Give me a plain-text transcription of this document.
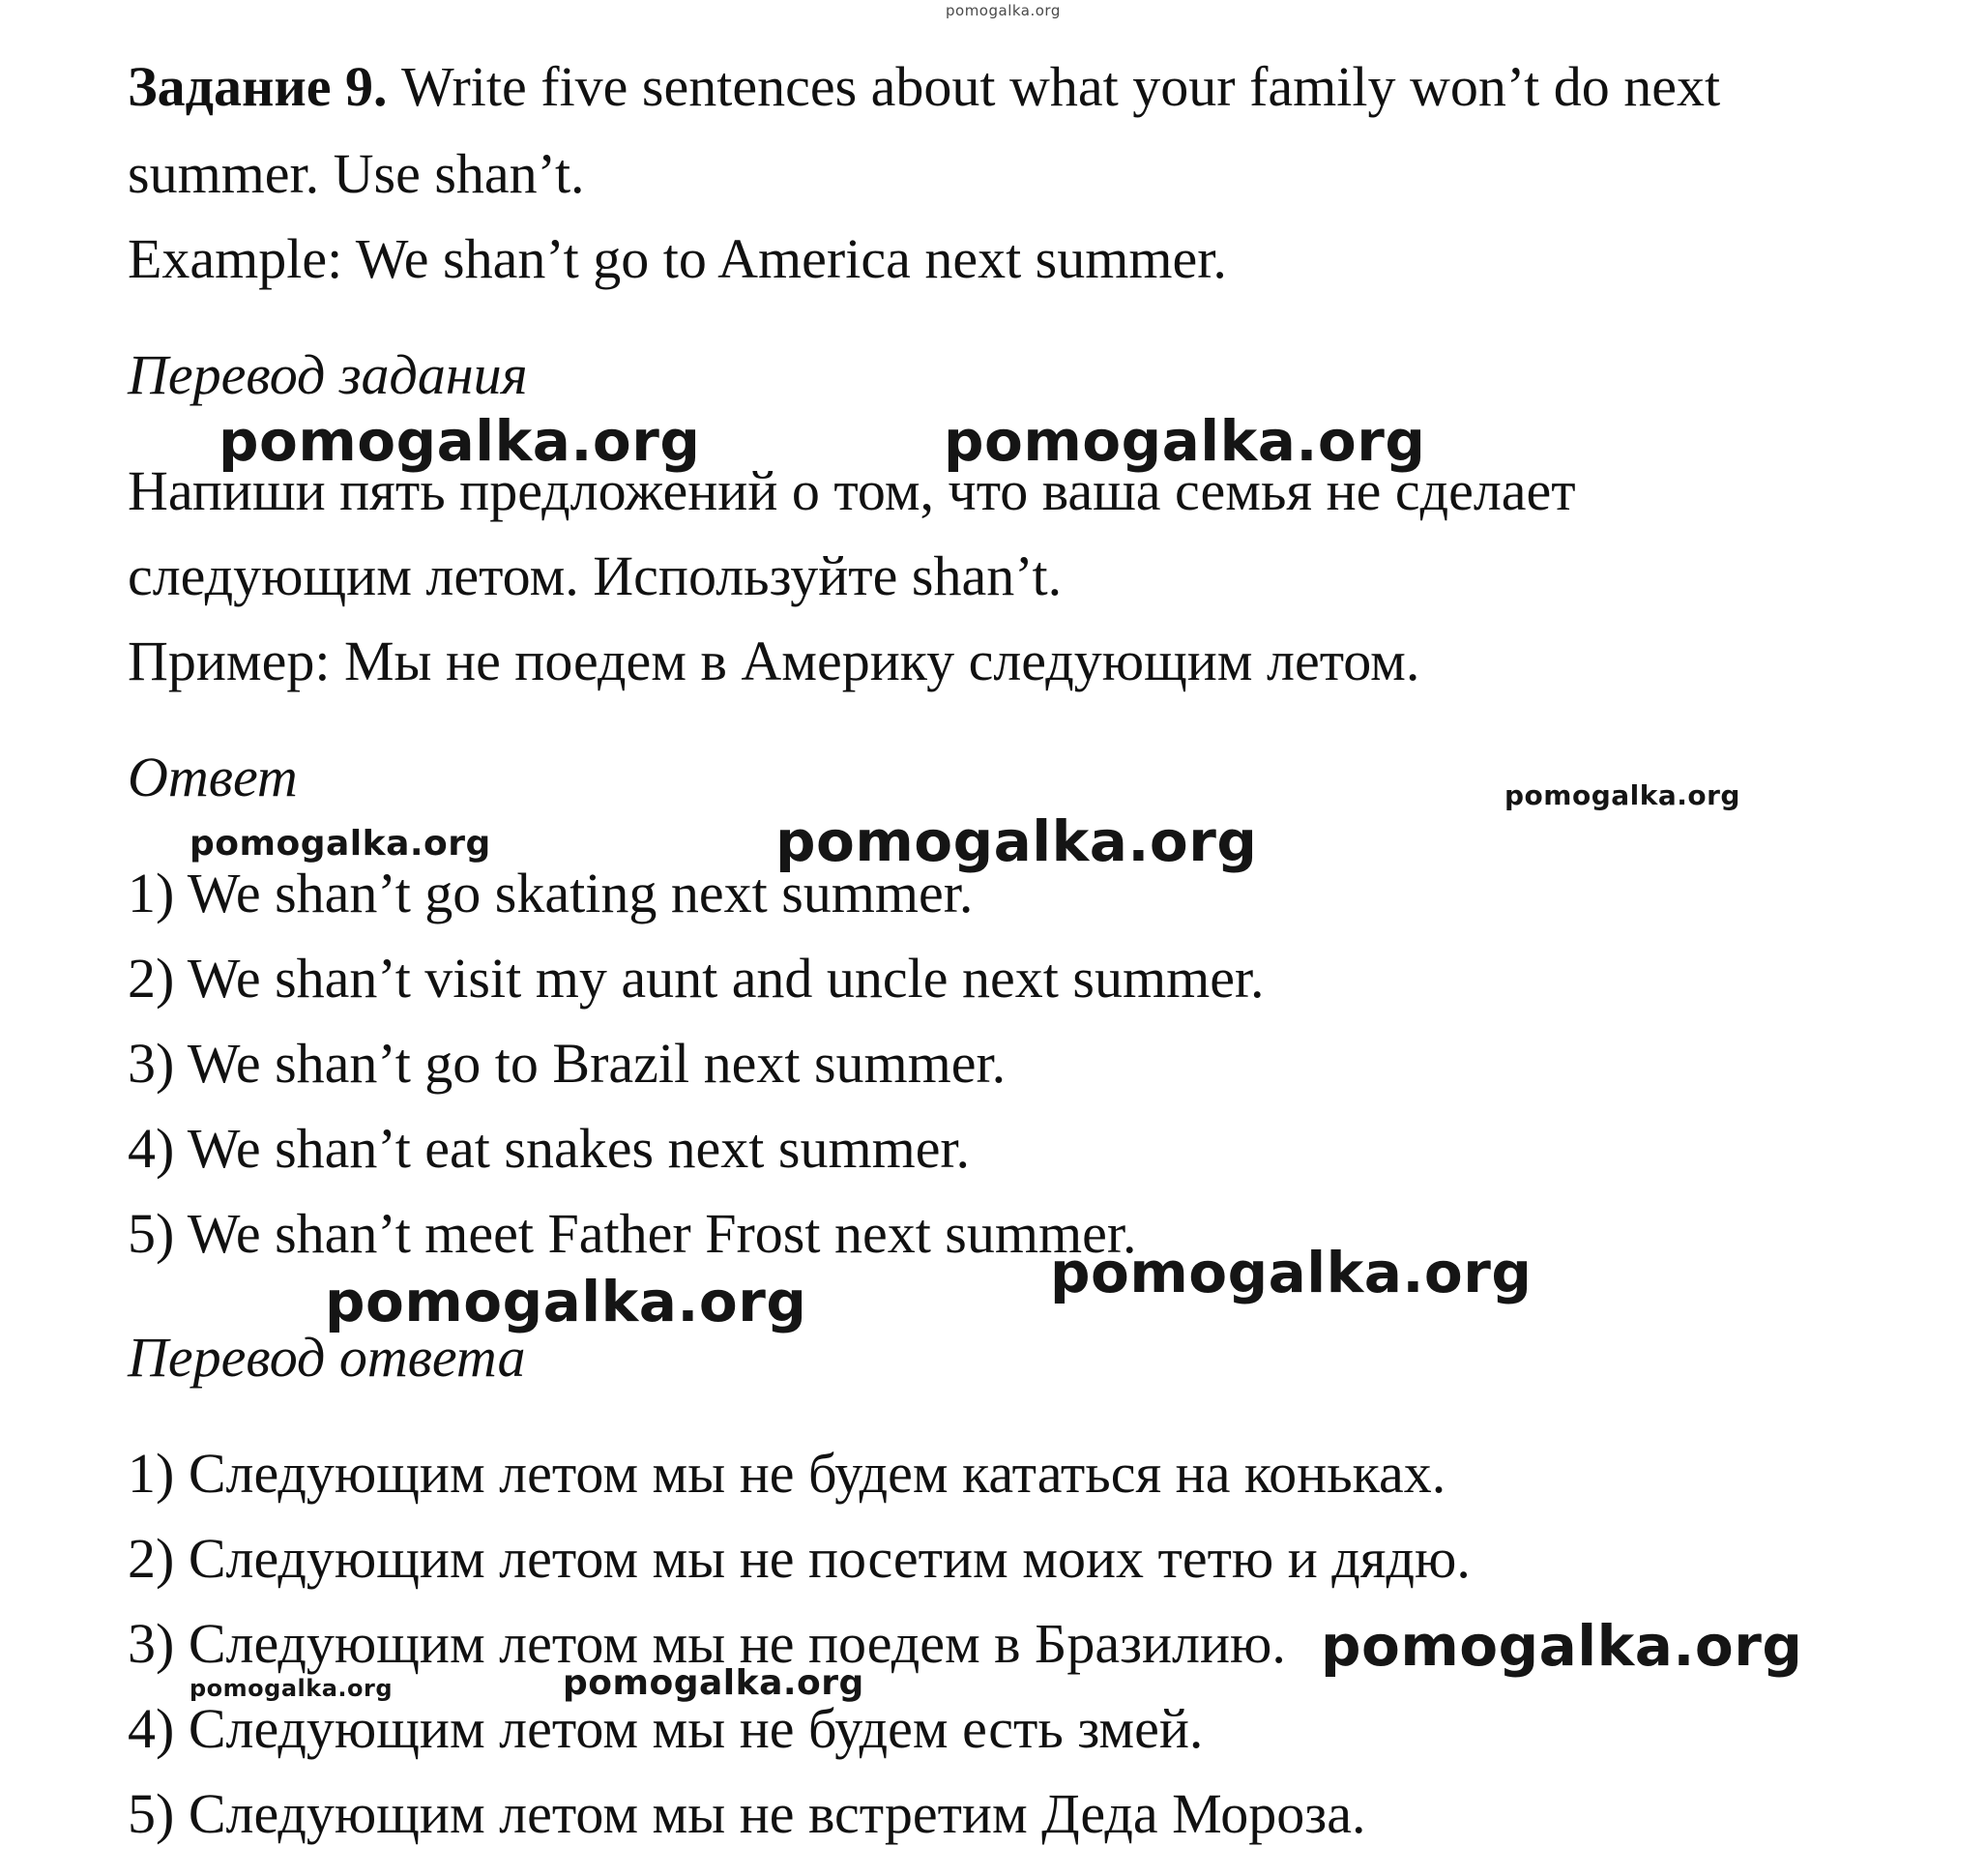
Задание 9. Write five sentences about what your family won’t do next
summer. Use shan’t.
Example: We shan’t go to America next summer.
Перевод задания
Напиши пять предложений о том, что ваша семья не сделает
следующим летом. Используйте shan’t.
Пример: Мы не поедем в Америку следующим летом.
Ответ
1) We shan’t go skating next summer.
2) We shan’t visit my aunt and uncle next summer.
3) We shan’t go to Brazil next summer.
4) We shan’t eat snakes next summer.
5) We shan’t meet Father Frost next summer.
Перевод ответа
1) Следующим летом мы не будем кататься на коньках.
2) Следующим летом мы не посетим моих тетю и дядю.
3) Следующим летом мы не поедем в Бразилию.
4) Следующим летом мы не будем есть змей.
5) Следующим летом мы не встретим Деда Мороза.
pomogalka.org
pomogalka.org	pomogalka.org
pomogalka.org
pomogalka.org	pomogalka.org
pomogalka.org
pomogalka.org
pomogalka.org
pomogalka.org	pomogalka.org
